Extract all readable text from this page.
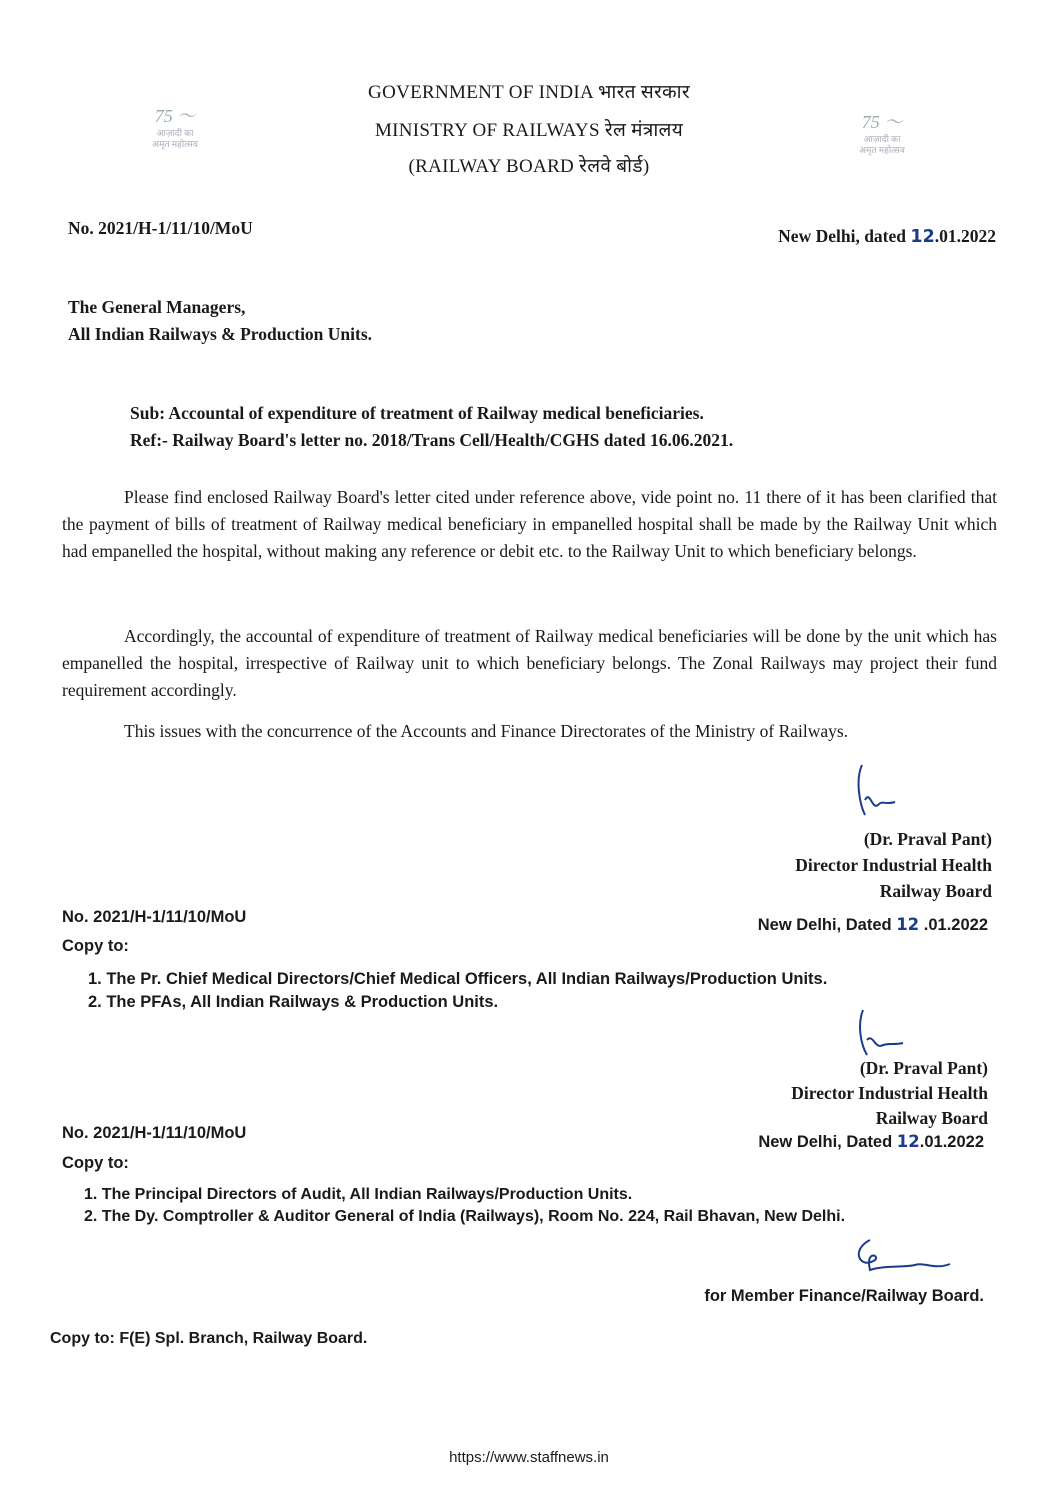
75 ～
आज़ादी का
अमृत महोत्सव
75 ～
आज़ादी का
अमृत महोत्सव
GOVERNMENT OF INDIA भारत सरकार
MINISTRY OF RAILWAYS रेल मंत्रालय
(RAILWAY BOARD रेलवे बोर्ड)
No. 2021/H-1/11/10/MoU	New Delhi, dated 12.01.2022
The General Managers,
All Indian Railways & Production Units.
Sub: Accountal of expenditure of treatment of Railway medical beneficiaries.
Ref:- Railway Board's letter no. 2018/Trans Cell/Health/CGHS dated 16.06.2021.

Please find enclosed Railway Board's letter cited under reference above, vide point no. 11 there of it has been clarified that the payment of bills of treatment of Railway medical beneficiary in empanelled hospital shall be made by the Railway Unit which had empanelled the hospital, without making any reference or debit etc. to the Railway Unit to which beneficiary belongs.

Accordingly, the accountal of expenditure of treatment of Railway medical beneficiaries will be done by the unit which has empanelled the hospital, irrespective of Railway unit to which beneficiary belongs. The Zonal Railways may project their fund requirement accordingly.

This issues with the concurrence of the Accounts and Finance Directorates of the Ministry of Railways.

(Dr. Praval Pant)
Director Industrial Health
Railway Board
No. 2021/H-1/11/10/MoU	New Delhi, Dated 12 .01.2022
Copy to:
1. The Pr. Chief Medical Directors/Chief Medical Officers, All Indian Railways/Production Units.
2. The PFAs, All Indian Railways & Production Units.
(Dr. Praval Pant)
Director Industrial Health
Railway Board
No. 2021/H-1/11/10/MoU	New Delhi, Dated 12.01.2022
Copy to:
1. The Principal Directors of Audit, All Indian Railways/Production Units.
2. The Dy. Comptroller & Auditor General of India (Railways), Room No. 224, Rail Bhavan, New Delhi.
for Member Finance/Railway Board.
Copy to: F(E) Spl. Branch, Railway Board.
https://www.staffnews.in
